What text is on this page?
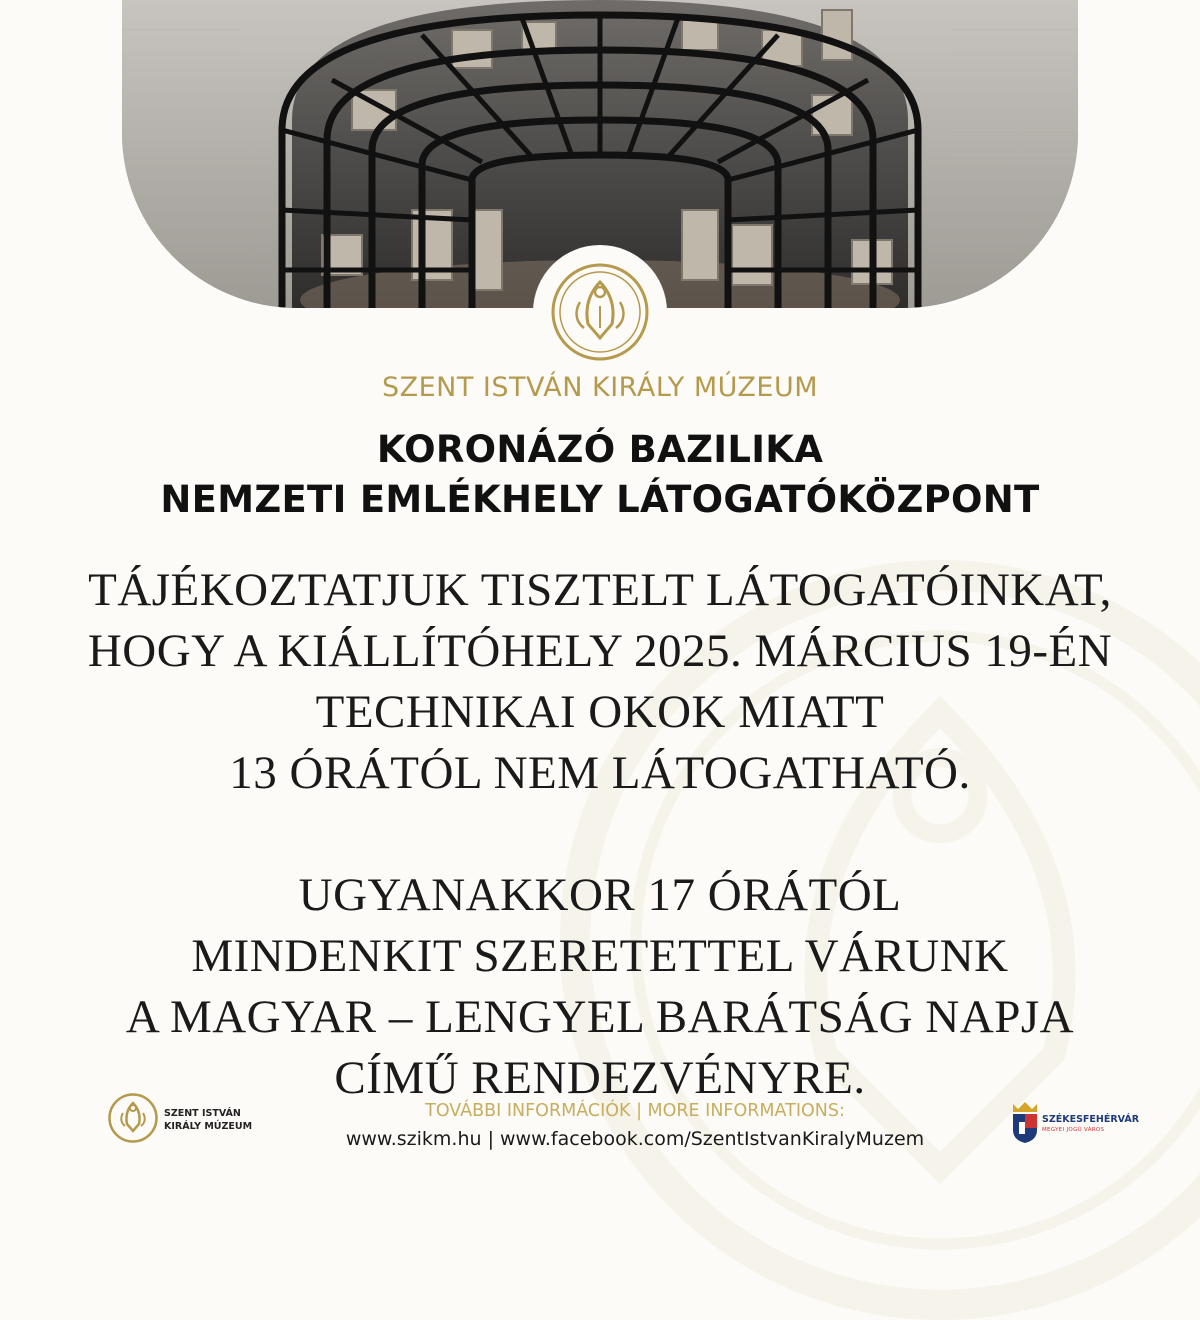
SZENT ISTVÁN KIRÁLY MÚZEUM
KORONÁZÓ BAZILIKA
NEMZETI EMLÉKHELY LÁTOGATÓKÖZPONT
TÁJÉKOZTATJUK TISZTELT LÁTOGATÓINKAT,
HOGY A KIÁLLÍTÓHELY 2025. MÁRCIUS 19-ÉN
TECHNIKAI OKOK MIATT
13 ÓRÁTÓL NEM LÁTOGATHATÓ.
UGYANAKKOR 17 ÓRÁTÓL
MINDENKIT SZERETETTEL VÁRUNK
A MAGYAR – LENGYEL BARÁTSÁG NAPJA
CÍMŰ RENDEZVÉNYRE.
SZENT ISTVÁN
KIRÁLY MÚZEUM
TOVÁBBI INFORMÁCIÓK | MORE INFORMATIONS:
www.szikm.hu | www.facebook.com/SzentIstvanKiralyMuzem
SZÉKESFEHÉRVÁR
MEGYEI JOGÚ VÁROS
